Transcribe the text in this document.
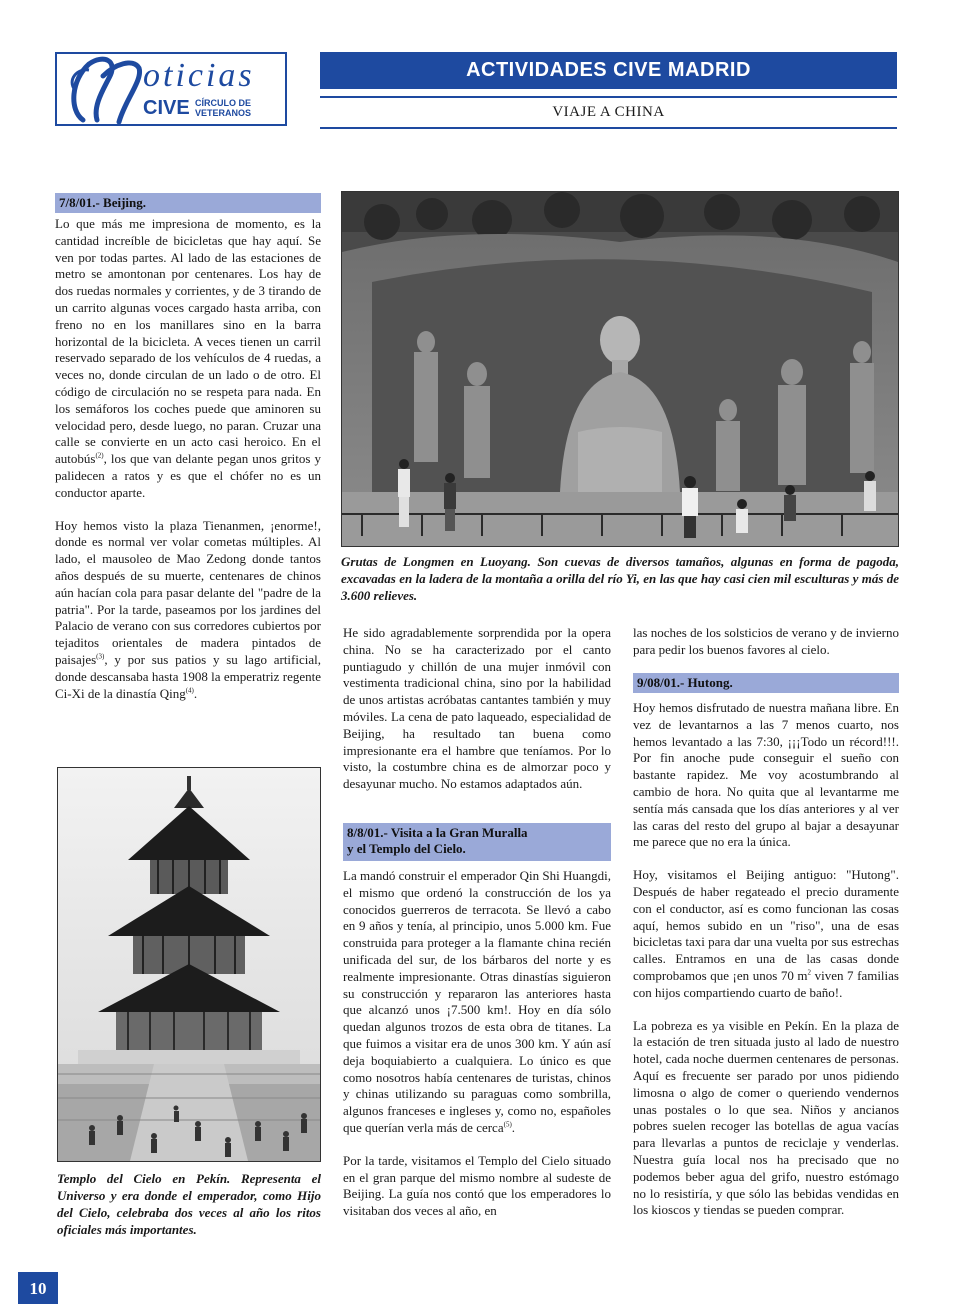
oticias
CIVE CÍRCULO DE
VETERANOS
ACTIVIDADES CIVE MADRID
VIAJE A CHINA
7/8/01.- Beijing.

Lo que más me impresiona de momento, es la cantidad increíble de bicicletas que hay aquí. Se ven por todas partes. Al lado de las estaciones de metro se amontonan por centenares. Los hay de dos ruedas normales y corrientes, y de 3 tirando de un carrito algunas voces cargado hasta arriba, con freno no en los manillares sino en la barra horizontal de la bicicleta. A veces tienen un carril reservado separado de los vehículos de 4 ruedas, a veces no, donde circulan de un lado o de otro. El código de circulación no se respeta para nada. En los semáforos los coches puede que aminoren su velocidad pero, desde luego, no paran. Cruzar una calle se convierte en un acto casi heroico. En el autobús$^{(2)}$, los que van delante pegan unos gritos y palidecen a ratos y es que el chófer no es un conductor aparte.

Hoy hemos visto la plaza Tienanmen, ¡enorme!, donde es normal ver volar cometas múltiples. Al lado, el mausoleo de Mao Zedong donde tantos años después de su muerte, centenares de chinos aún hacían cola para pasar delante del "padre de la patria". Por la tarde, paseamos por los jardines del Palacio de verano con sus corredores cubiertos por tejaditos orientales de madera pintados de paisajes$^{(3)}$, y por sus patios y su lago artificial, donde descansaba hasta 1908 la emperatriz regente Ci-Xi de la dinastía Qing$^{(4)}$.

Templo del Cielo en Pekín. Representa el Universo y era donde el emperador, como Hijo del Cielo, celebraba dos veces al año los ritos oficiales más importantes.
Grutas de Longmen en Luoyang. Son cuevas de diversos tamaños, algunas en forma de pagoda, excavadas en la ladera de la montaña a orilla del río Yi, en las que hay casi cien mil esculturas y más de 3.600 relieves.

He sido agradablemente sorprendida por la opera china. No se ha caracterizado por el canto puntiagudo y chillón de una mujer inmóvil con vestimenta tradicional china, sino por la habilidad de unos artistas acróbatas cantantes también y muy móviles. La cena de pato laqueado, especialidad de Beijing, ha resultado tan buena como impresionante era el hambre que teníamos. Por lo visto, la costumbre china es de almorzar poco y desayunar mucho. No estamos adaptados aún.

8/8/01.- Visita a la Gran Muralla
y el Templo del Cielo.

La mandó construir el emperador Qin Shi Huangdi, el mismo que ordenó la construcción de los ya conocidos guerreros de terracota. Se llevó a cabo en 9 años y tenía, al principio, unos 5.000 km. Fue construida para proteger a la flamante china recién unificada del sur, de los bárbaros del norte y es realmente impresionante. Otras dinastías siguieron su construcción y repararon las anteriores hasta que alcanzó unos ¡7.500 km!. Hoy en día sólo quedan algunos trozos de esta obra de titanes. La que fuimos a visitar era de unos 300 km. Y aún así deja boquiabierto a cualquiera. Lo único es que como nosotros había centenares de turistas, chinos y chinas utilizando su paraguas como sombrilla, algunos franceses e ingleses y, como no, españoles que querían verla más de cerca$^{(5)}$.

Por la tarde, visitamos el Templo del Cielo situado en el gran parque del mismo nombre al sudeste de Beijing. La guía nos contó que los emperadores lo visitaban dos veces al año, en

las noches de los solsticios de verano y de invierno para pedir los buenos favores al cielo.

9/08/01.- Hutong.

Hoy hemos disfrutado de nuestra mañana libre. En vez de levantarnos a las 7 menos cuarto, nos hemos levantado a las 7:30, ¡¡¡Todo un récord!!!. Por fin anoche pude conseguir el sueño con bastante rapidez. Me voy acostumbrando al cambio de hora. No quita que al levantarme me sentía más cansada que los días anteriores y al ver las caras del resto del grupo al bajar a desayunar me parece que no era la única.

Hoy, visitamos el Beijing antiguo: "Hutong". Después de haber regateado el precio duramente con el conductor, así es como funcionan las cosas aquí, hemos subido en un "riso", una de esas bicicletas taxi para dar una vuelta por sus estrechas calles. Entramos en una de las casas donde comprobamos que ¡en unos 70 $m^2$ viven 7 familias con hijos compartiendo cuarto de baño!.

La pobreza es ya visible en Pekín. En la plaza de la estación de tren situada justo al lado de nuestro hotel, cada noche duermen centenares de personas. Aquí es frecuente ser parado por unos pidiendo limosna o algo de comer o queriendo vendernos unas postales o lo que sea. Niños y ancianos pobres suelen recoger las botellas de agua vacías para llevarlas a puntos de reciclaje y venderlas. Nuestra guía local nos ha precisado que no podemos beber agua del grifo, nuestro estómago no lo resistiría, y que sólo las bebidas vendidas en los kioscos y tiendas se pueden comprar.

10
